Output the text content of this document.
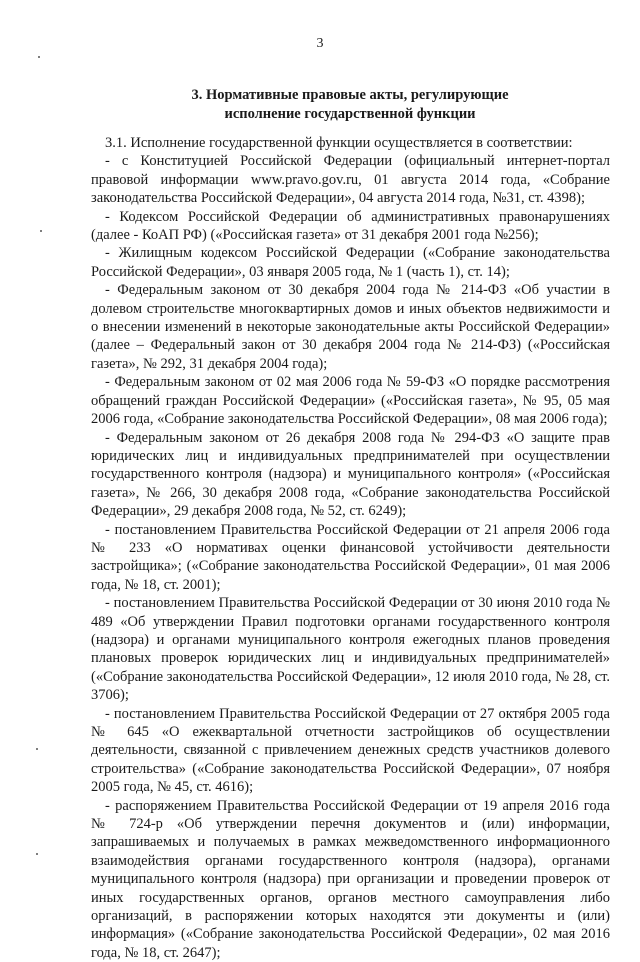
3
3. Нормативные правовые акты, регулирующие
исполнение государственной функции

3.1. Исполнение государственной функции осуществляется в соответствии:

- с Конституцией Российской Федерации (официальный интернет-портал правовой информации www.pravo.gov.ru, 01 августа 2014 года, «Собрание законодательства Российской Федерации», 04 августа 2014 года, №31, ст. 4398);

- Кодексом Российской Федерации об административных правонарушениях (далее - КоАП РФ) («Российская газета» от 31 декабря 2001 года №256);

- Жилищным кодексом Российской Федерации («Собрание законодательства Российской Федерации», 03 января 2005 года, № 1 (часть 1), ст. 14);

- Федеральным законом от 30 декабря 2004 года № 214-ФЗ «Об участии в долевом строительстве многоквартирных домов и иных объектов недвижимости и о внесении изменений в некоторые законодательные акты Российской Федерации» (далее – Федеральный закон от 30 декабря 2004 года № 214-ФЗ) («Российская газета», № 292, 31 декабря 2004 года);

- Федеральным законом от 02 мая 2006 года № 59-ФЗ «О порядке рассмотрения обращений граждан Российской Федерации» («Российская газета», № 95, 05 мая 2006 года, «Собрание законодательства Российской Федерации», 08 мая 2006 года);

- Федеральным законом от 26 декабря 2008 года № 294-ФЗ «О защите прав юридических лиц и индивидуальных предпринимателей при осуществлении государственного контроля (надзора) и муниципального контроля» («Российская газета», № 266, 30 декабря 2008 года, «Собрание законодательства Российской Федерации», 29 декабря 2008 года, № 52, ст. 6249);

- постановлением Правительства Российской Федерации от 21 апреля 2006 года № 233 «О нормативах оценки финансовой устойчивости деятельности застройщика»; («Собрание законодательства Российской Федерации», 01 мая 2006 года, № 18, ст. 2001);

- постановлением Правительства Российской Федерации от 30 июня 2010 года № 489 «Об утверждении Правил подготовки органами государственного контроля (надзора) и органами муниципального контроля ежегодных планов проведения плановых проверок юридических лиц и индивидуальных предпринимателей» («Собрание законодательства Российской Федерации», 12 июля 2010 года, № 28, ст. 3706);

- постановлением Правительства Российской Федерации от 27 октября 2005 года № 645 «О ежеквартальной отчетности застройщиков об осуществлении деятельности, связанной с привлечением денежных средств участников долевого строительства» («Собрание законодательства Российской Федерации», 07 ноября 2005 года, № 45, ст. 4616);

- распоряжением Правительства Российской Федерации от 19 апреля 2016 года № 724-р «Об утверждении перечня документов и (или) информации, запрашиваемых и получаемых в рамках межведомственного информационного взаимодействия органами государственного контроля (надзора), органами муниципального контроля (надзора) при организации и проведении проверок от иных государственных органов, органов местного самоуправления либо организаций, в распоряжении которых находятся эти документы и (или) информация» («Собрание законодательства Российской Федерации», 02 мая 2016 года, № 18, ст. 2647);
